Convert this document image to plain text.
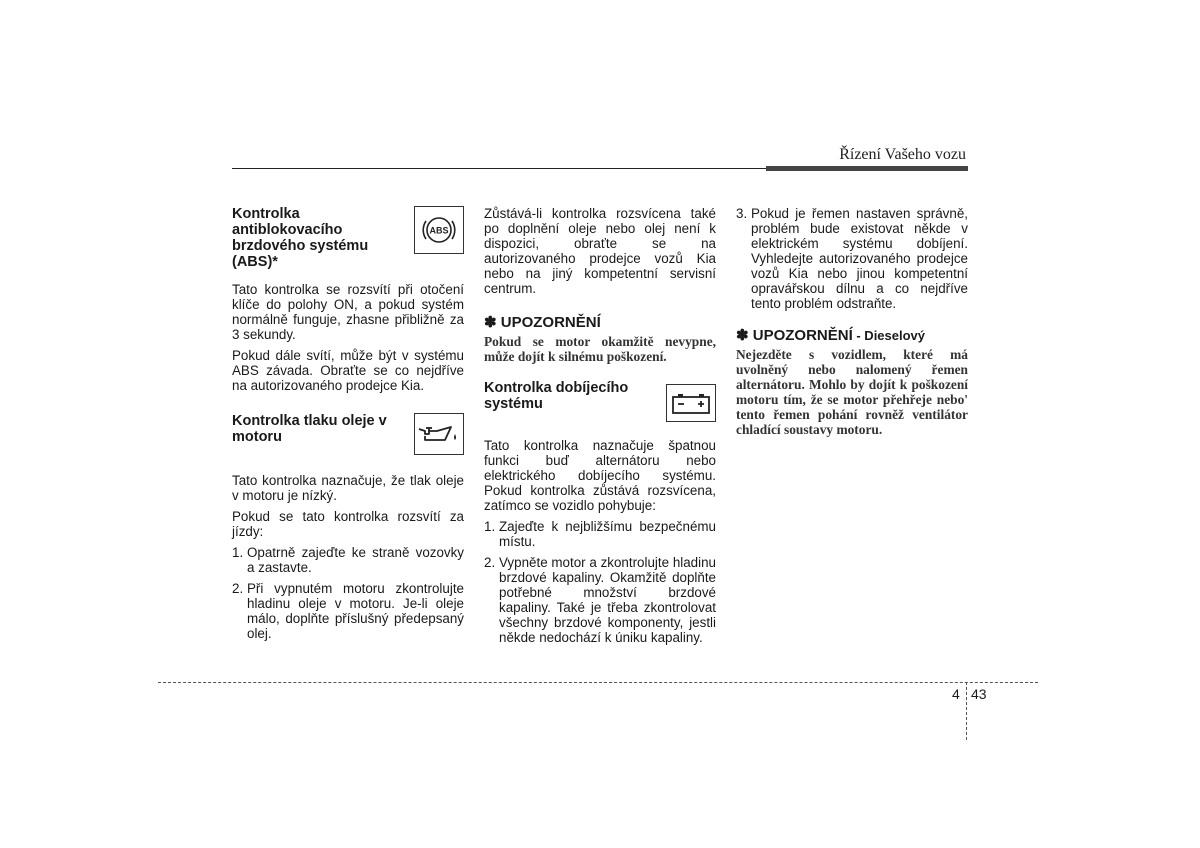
Řízení Vašeho vozu

Kontrolka antiblokovacího brzdového systému (ABS)*

ABS

Tato kontrolka se rozsvítí při otočení klíče do polohy ON, a pokud systém normálně funguje, zhasne přibližně za 3 sekundy.

Pokud dále svítí, může být v systému ABS závada. Obraťte se co nejdříve na autorizovaného prodejce Kia.

Kontrolka tlaku oleje v motoru

Tato kontrolka naznačuje, že tlak oleje v motoru je nízký.

Pokud se tato kontrolka rozsvítí za jízdy:

1. Opatrně zajeďte ke straně vozovky a zastavte.
2. Při vypnutém motoru zkontrolujte hladinu oleje v motoru. Je-li oleje málo, doplňte příslušný předepsaný olej.

Zůstává-li kontrolka rozsvícena také po doplnění oleje nebo olej není k dispozici, obraťte se na autorizovaného prodejce vozů Kia nebo na jiný kompetentní servisní centrum.

✽ UPOZORNĚNÍ

Pokud se motor okamžitě nevypne, může dojít k silnému poškození.

Kontrolka dobíjecího systému

Tato kontrolka naznačuje špatnou funkci buď alternátoru nebo elektrického dobíjecího systému. Pokud kontrolka zůstává rozsvícena, zatímco se vozidlo pohybuje:

1. Zajeďte k nejbližšímu bezpečnému místu.
2. Vypněte motor a zkontrolujte hladinu brzdové kapaliny. Okamžitě doplňte potřebné množství brzdové kapaliny. Také je třeba zkontrolovat všechny brzdové komponenty, jestli někde nedochází k úniku kapaliny.
3. Pokud je řemen nastaven správně, problém bude existovat někde v elektrickém systému dobíjení. Vyhledejte autorizovaného prodejce vozů Kia nebo jinou kompetentní opravářskou dílnu a co nejdříve tento problém odstraňte.

✽ UPOZORNĚNÍ - Dieselový

Nejezděte s vozidlem, které má uvolněný nebo nalomený řemen alternátoru. Mohlo by dojít k poškození motoru tím, že se motor přehřeje nebo' tento řemen pohání rovněž ventilátor chladící soustavy motoru.

4 43
